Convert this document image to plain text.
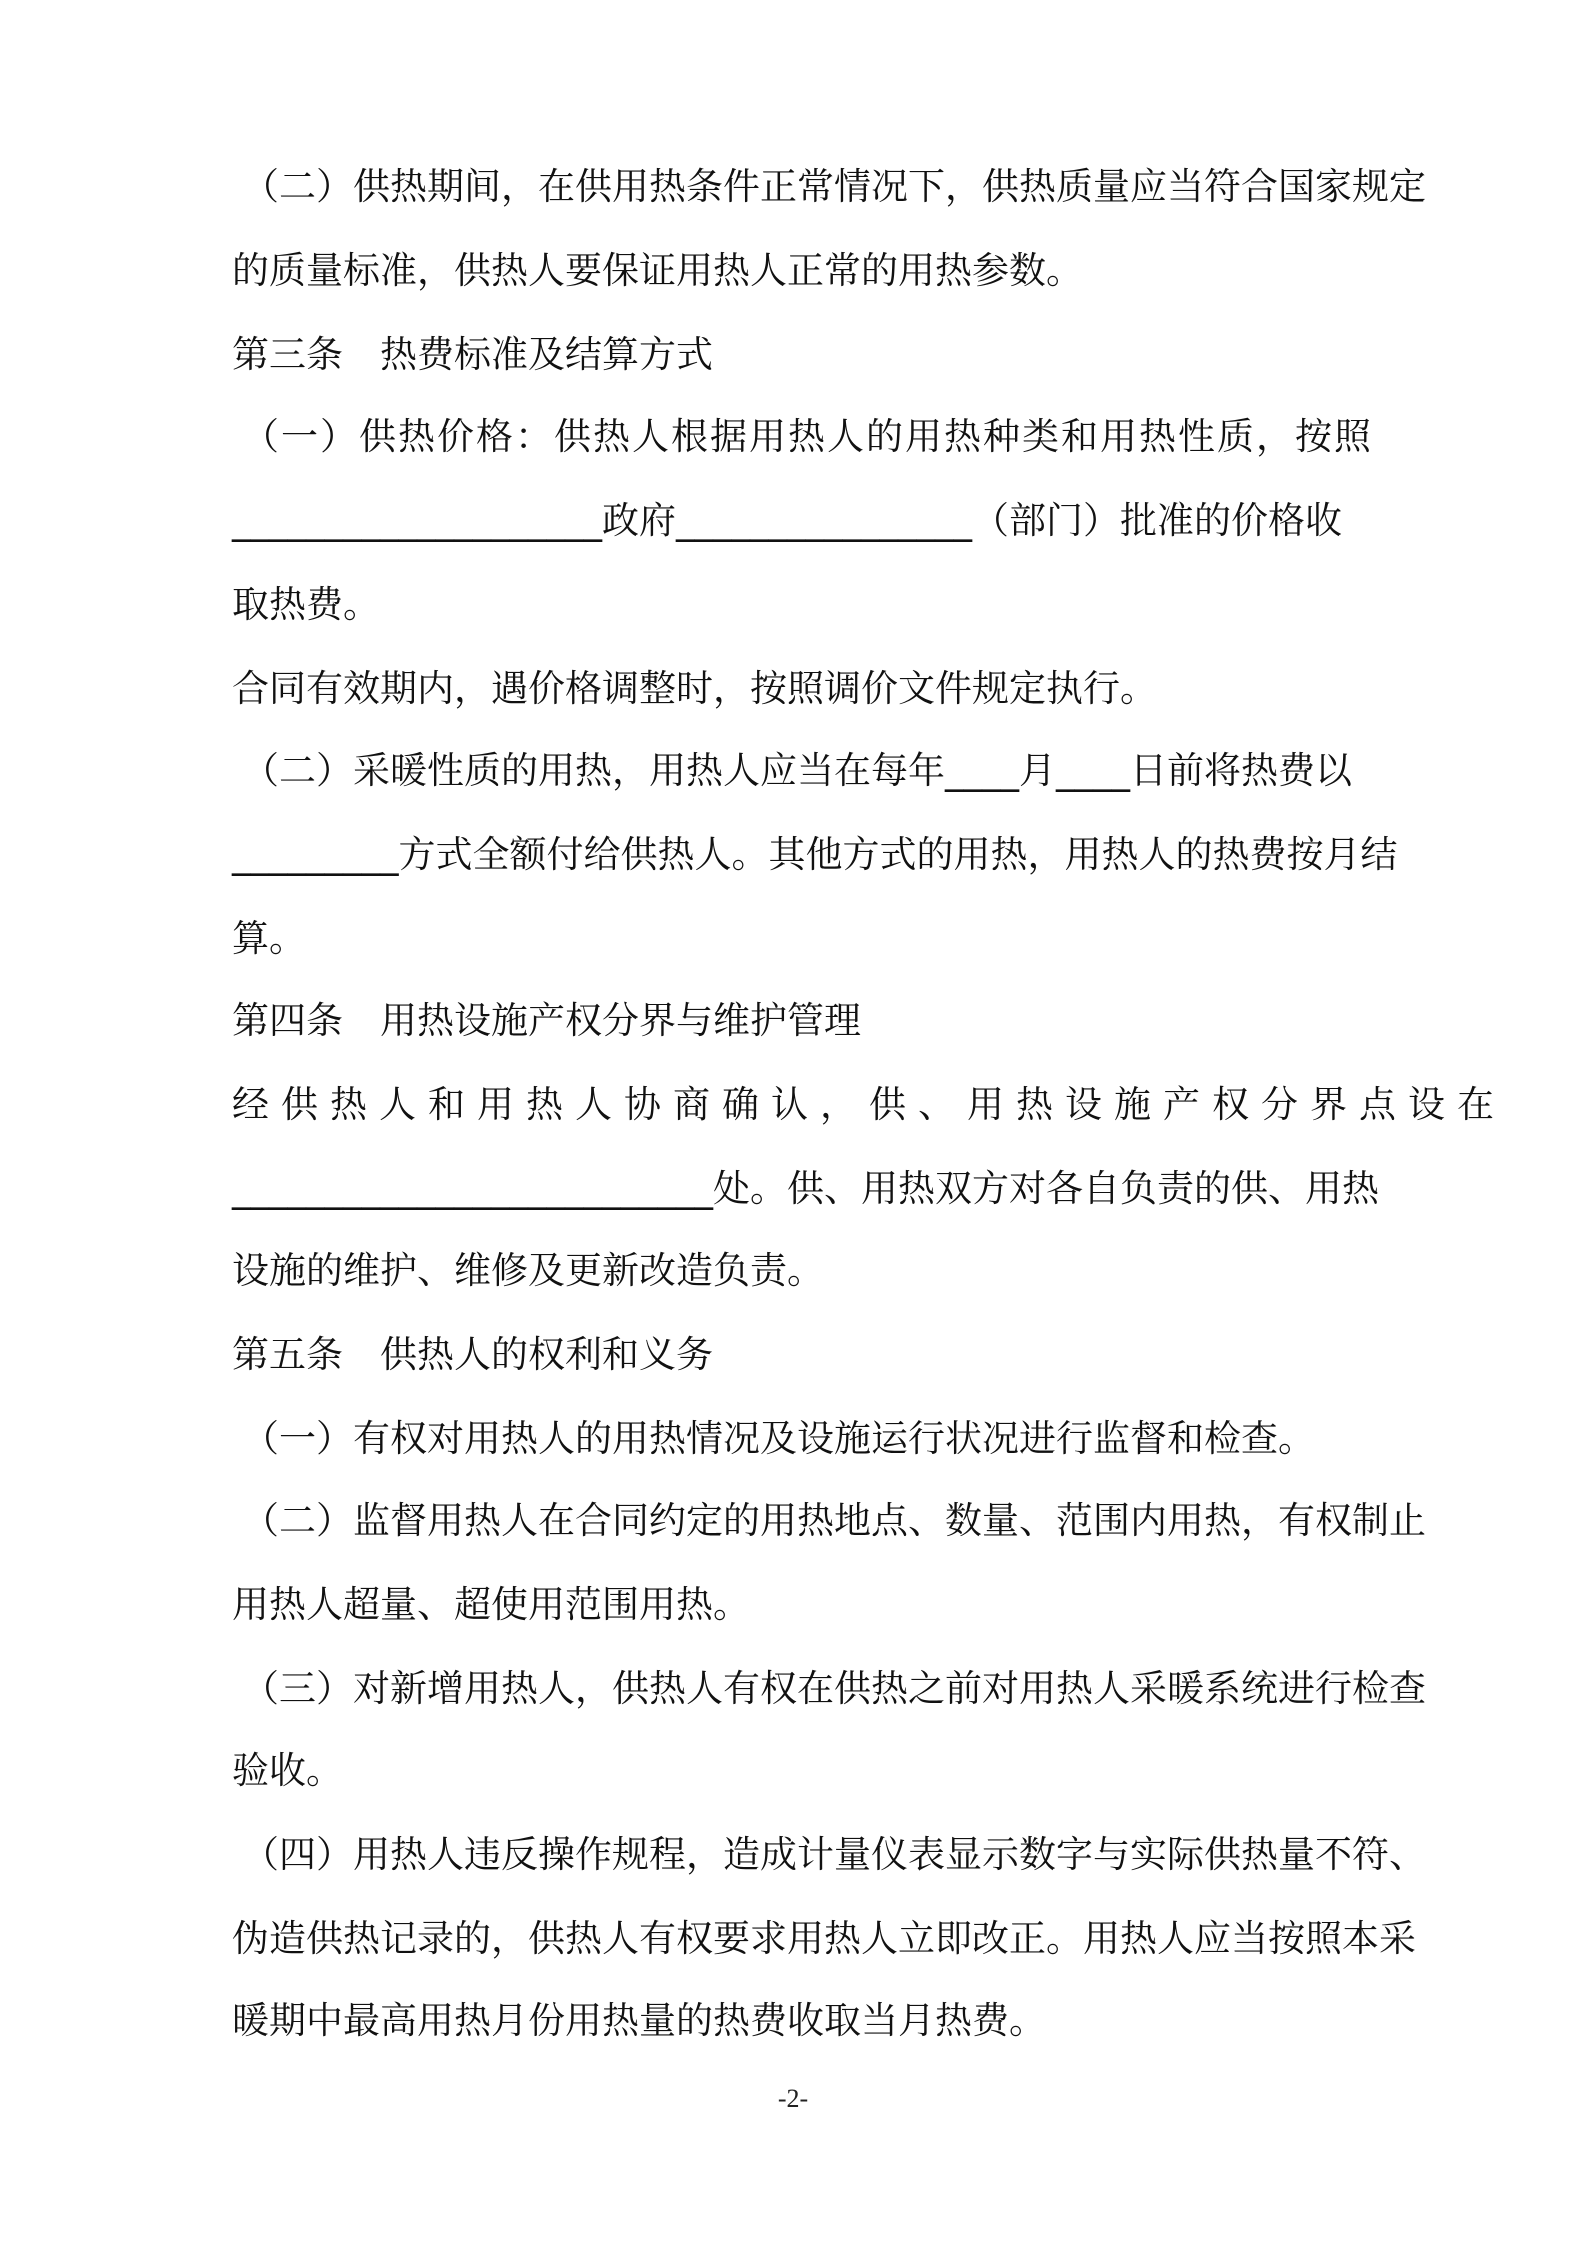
（二）供热期间，在供用热条件正常情况下，供热质量应当符合国家规定
的质量标准，供热人要保证用热人正常的用热参数。
第三条　热费标准及结算方式
（一）供热价格：供热人根据用热人的用热种类和用热性质，按照
____________________政府________________（部门）批准的价格收
取热费。
合同有效期内，遇价格调整时，按照调价文件规定执行。
（二）采暖性质的用热，用热人应当在每年____月____日前将热费以
_________方式全额付给供热人。其他方式的用热，用热人的热费按月结
算。
第四条　用热设施产权分界与维护管理
经供热人和用热人协商确认，供、用热设施产权分界点设在
__________________________处。供、用热双方对各自负责的供、用热
设施的维护、维修及更新改造负责。
第五条　供热人的权利和义务
（一）有权对用热人的用热情况及设施运行状况进行监督和检查。
（二）监督用热人在合同约定的用热地点、数量、范围内用热，有权制止
用热人超量、超使用范围用热。
（三）对新增用热人，供热人有权在供热之前对用热人采暖系统进行检查
验收。
（四）用热人违反操作规程，造成计量仪表显示数字与实际供热量不符、
伪造供热记录的，供热人有权要求用热人立即改正。用热人应当按照本采
暖期中最高用热月份用热量的热费收取当月热费。
-2-
